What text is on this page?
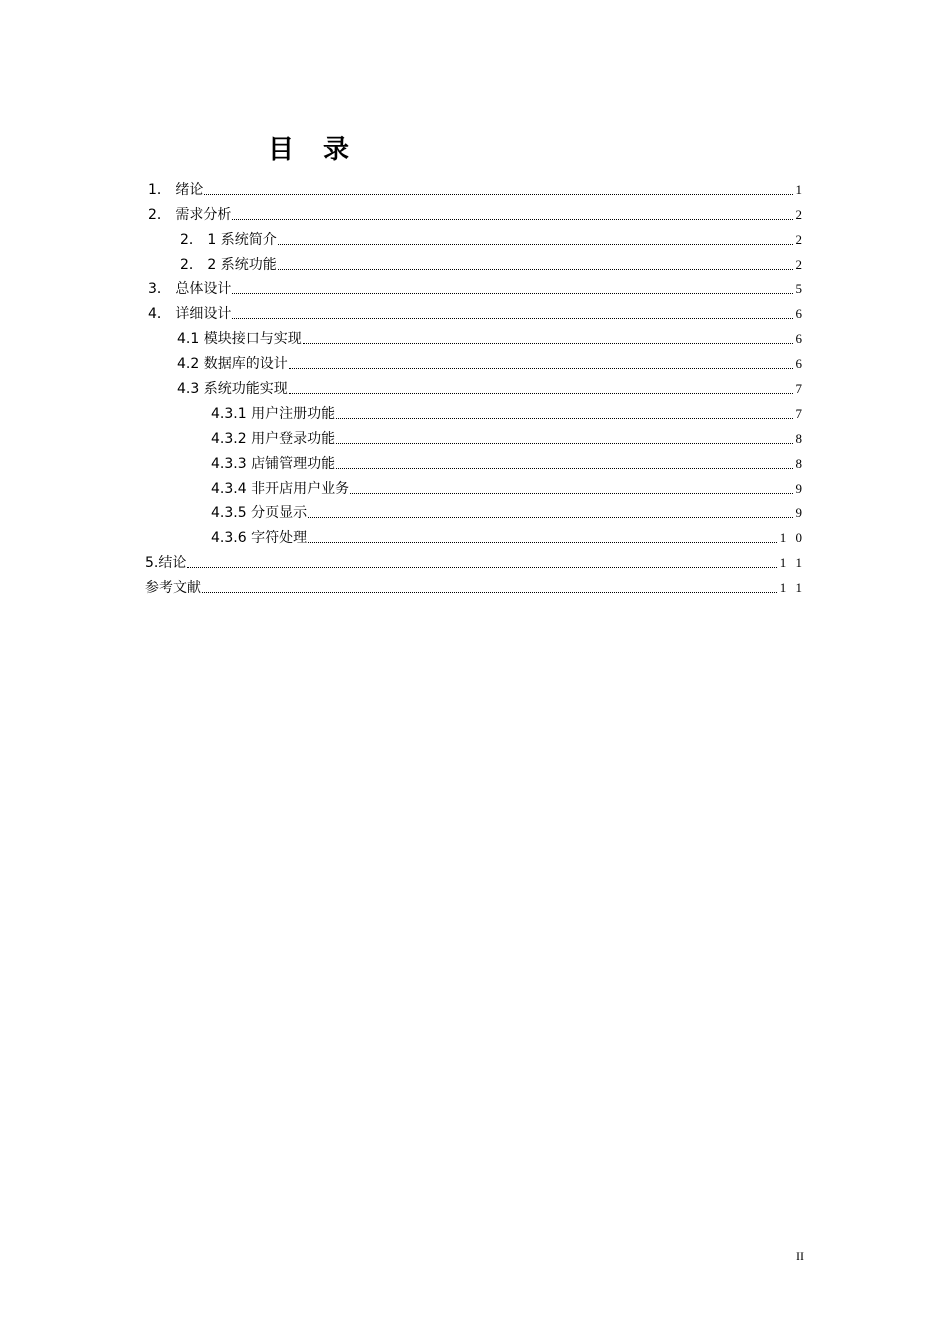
目 录
1． 绪论	1
2． 需求分析	2
2． 1 系统简介	2
2． 2 系统功能	2
3． 总体设计	5
4． 详细设计	6
4.1 模块接口与实现	6
4.2 数据库的设计	6
4.3 系统功能实现	7
4.3.1 用户注册功能	7
4.3.2 用户登录功能	8
4.3.3 店铺管理功能	8
4.3.4 非开店用户业务	9
4.3.5 分页显示	9
4.3.6 字符处理	1 0
5.结论	1 1
参考文献	1 1
II
